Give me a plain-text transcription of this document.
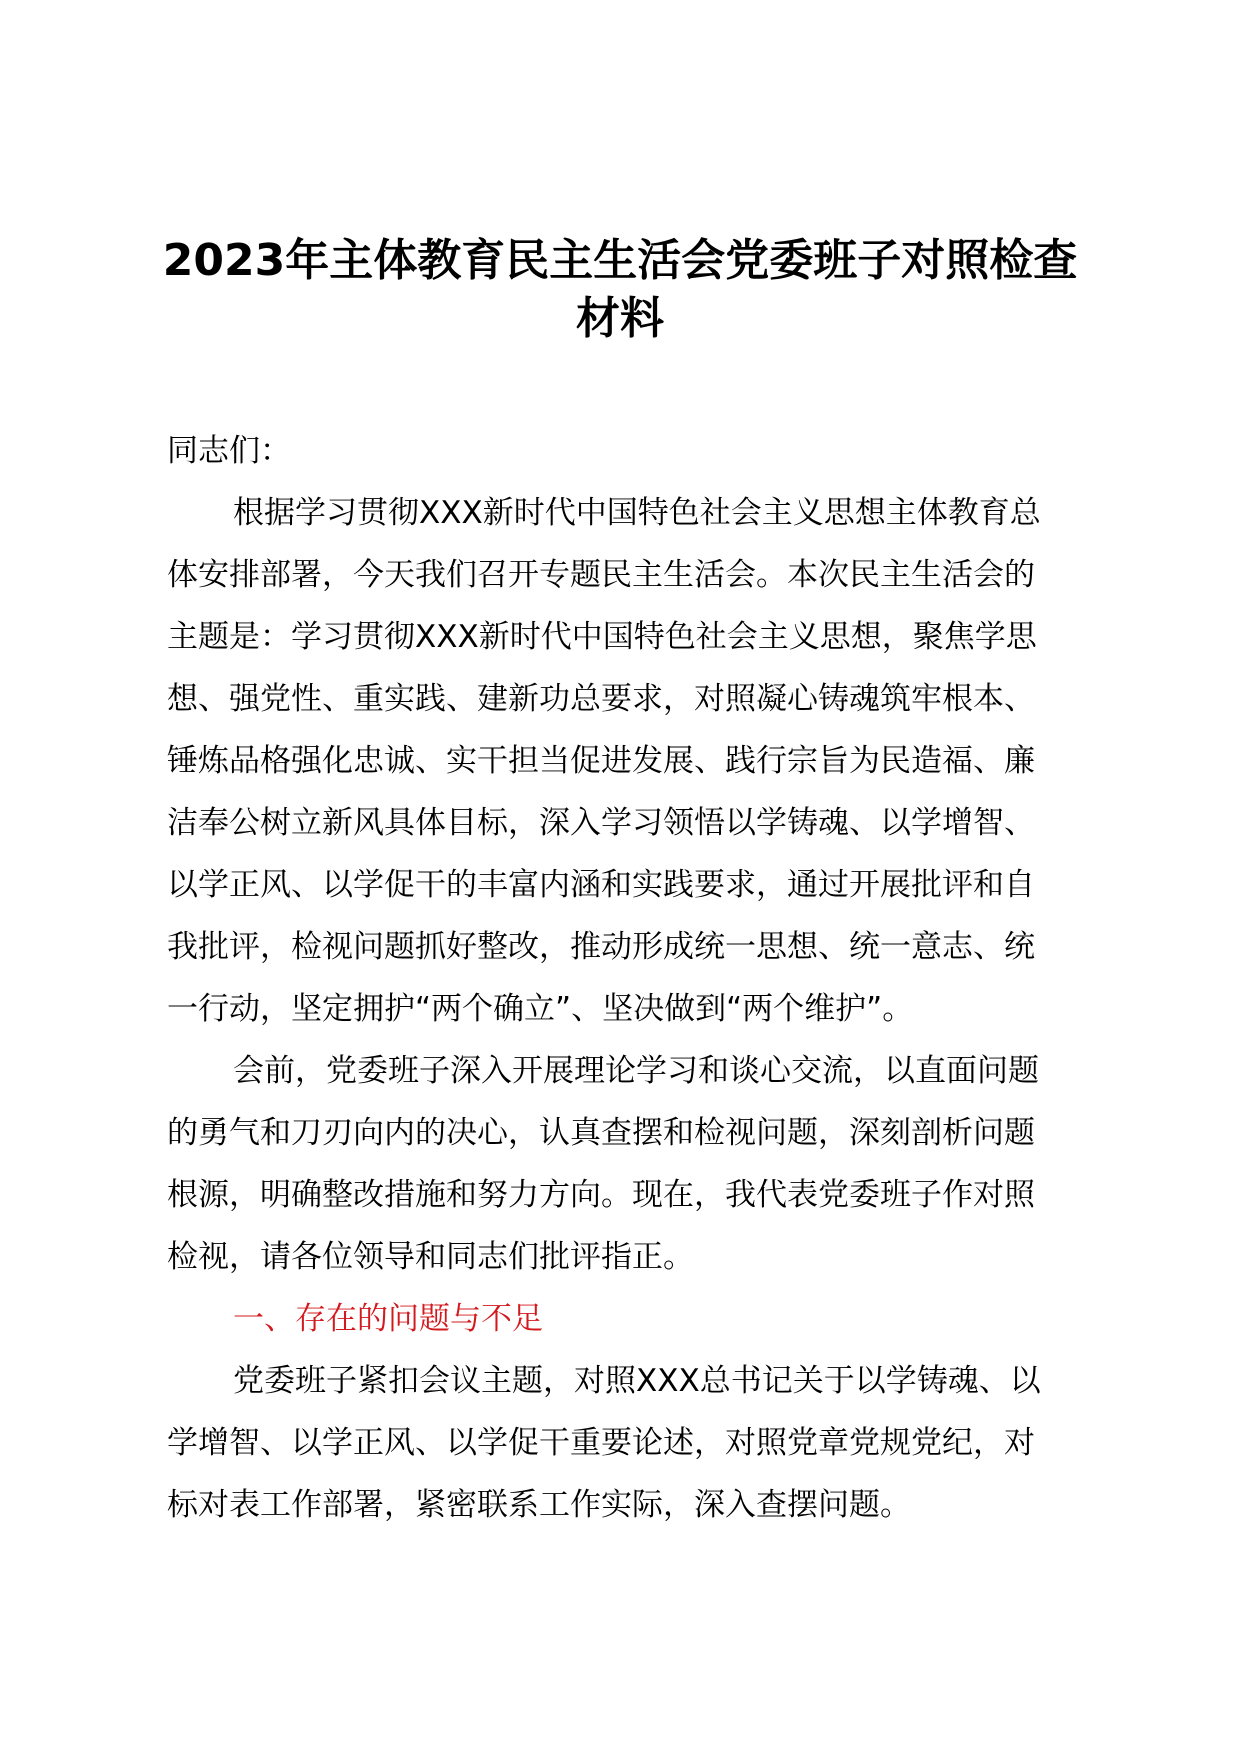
2023年主体教育民主生活会党委班子对照检查
材料

同志们：

根据学习贯彻XXX新时代中国特色社会主义思想主体教育总
体安排部署，今天我们召开专题民主生活会。本次民主生活会的
主题是：学习贯彻XXX新时代中国特色社会主义思想，聚焦学思
想、强党性、重实践、建新功总要求，对照凝心铸魂筑牢根本、
锤炼品格强化忠诚、实干担当促进发展、践行宗旨为民造福、廉
洁奉公树立新风具体目标，深入学习领悟以学铸魂、以学增智、
以学正风、以学促干的丰富内涵和实践要求，通过开展批评和自
我批评，检视问题抓好整改，推动形成统一思想、统一意志、统
一行动，坚定拥护“两个确立”、坚决做到“两个维护”。

会前，党委班子深入开展理论学习和谈心交流，以直面问题
的勇气和刀刃向内的决心，认真查摆和检视问题，深刻剖析问题
根源，明确整改措施和努力方向。现在，我代表党委班子作对照
检视，请各位领导和同志们批评指正。

一、存在的问题与不足

党委班子紧扣会议主题，对照XXX总书记关于以学铸魂、以
学增智、以学正风、以学促干重要论述，对照党章党规党纪，对
标对表工作部署，紧密联系工作实际，深入查摆问题。
